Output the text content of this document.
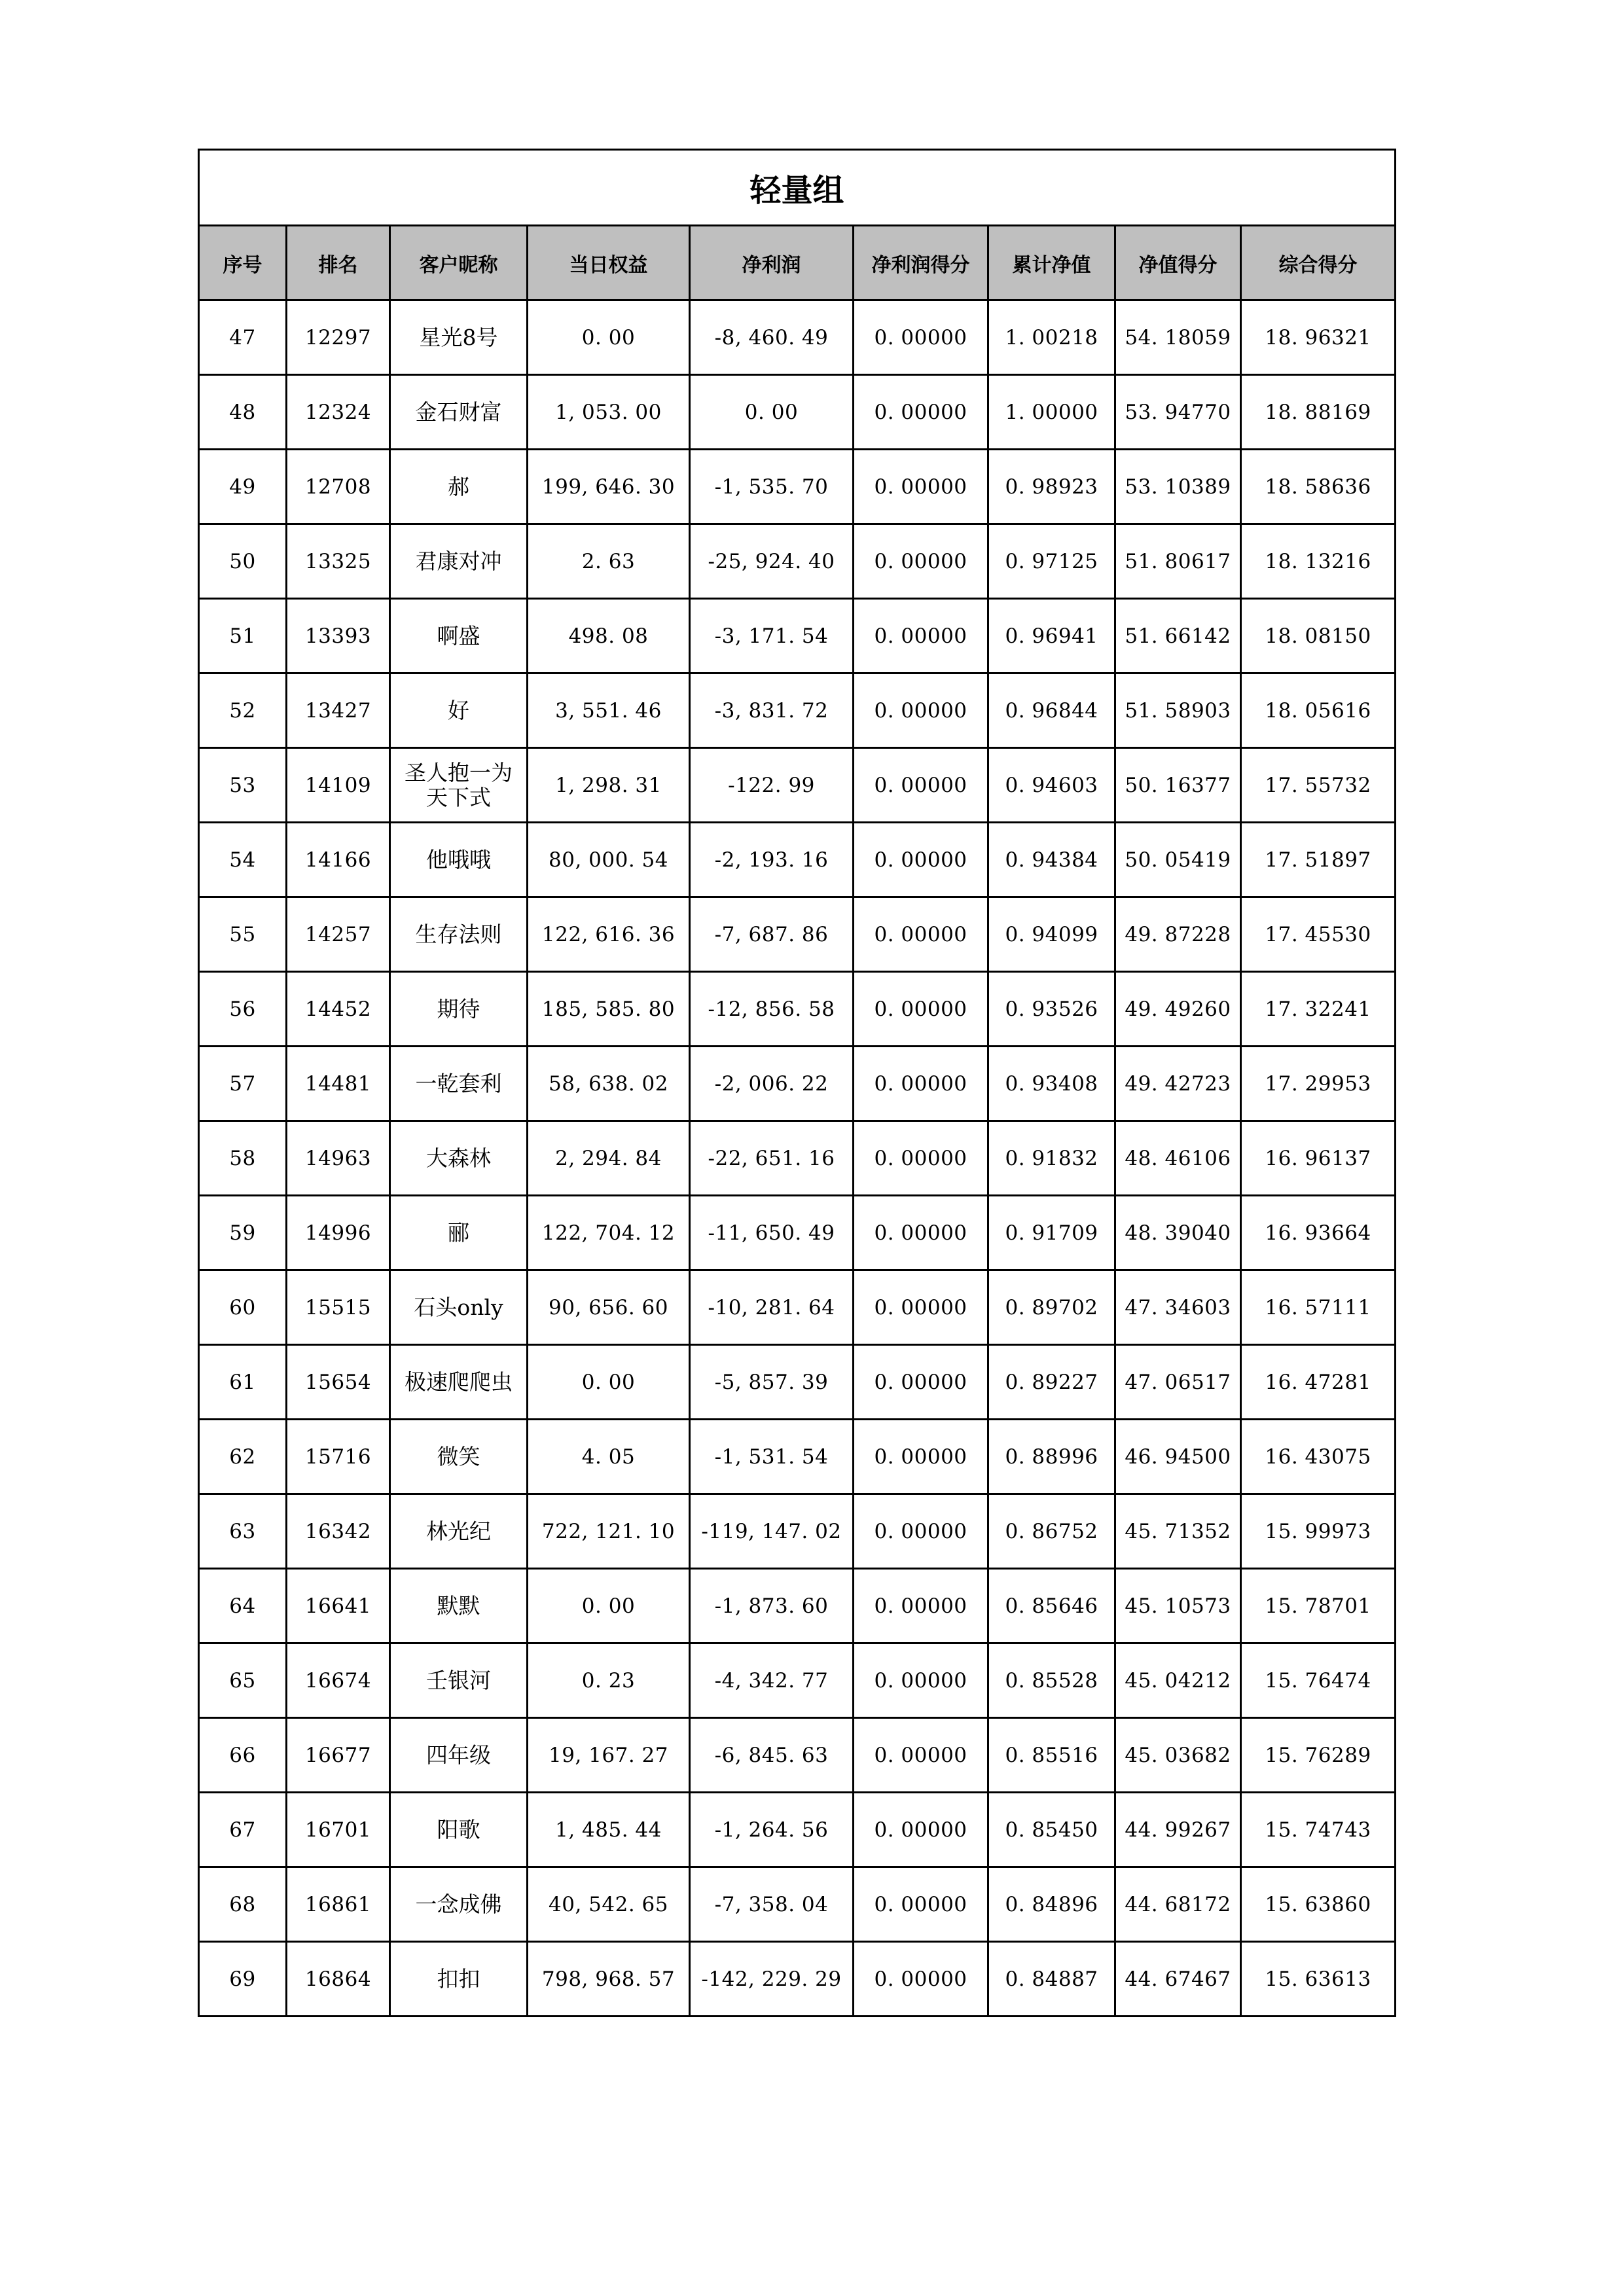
轻量组								
序号	排名	客户昵称	当日权益	净利润	净利润得分	累计净值	净值得分	综合得分
47	12297	星光8号	0. 00	-8, 460. 49	0. 00000	1. 00218	54. 18059	18. 96321
48	12324	金石财富	1, 053. 00	0. 00	0. 00000	1. 00000	53. 94770	18. 88169
49	12708	郝	199, 646. 30	-1, 535. 70	0. 00000	0. 98923	53. 10389	18. 58636
50	13325	君康对冲	2. 63	-25, 924. 40	0. 00000	0. 97125	51. 80617	18. 13216
51	13393	啊盛	498. 08	-3, 171. 54	0. 00000	0. 96941	51. 66142	18. 08150
52	13427	好	3, 551. 46	-3, 831. 72	0. 00000	0. 96844	51. 58903	18. 05616
53	14109	圣人抱一为
天下式	1, 298. 31	-122. 99	0. 00000	0. 94603	50. 16377	17. 55732
54	14166	他哦哦	80, 000. 54	-2, 193. 16	0. 00000	0. 94384	50. 05419	17. 51897
55	14257	生存法则	122, 616. 36	-7, 687. 86	0. 00000	0. 94099	49. 87228	17. 45530
56	14452	期待	185, 585. 80	-12, 856. 58	0. 00000	0. 93526	49. 49260	17. 32241
57	14481	一乾套利	58, 638. 02	-2, 006. 22	0. 00000	0. 93408	49. 42723	17. 29953
58	14963	大森林	2, 294. 84	-22, 651. 16	0. 00000	0. 91832	48. 46106	16. 96137
59	14996	郦	122, 704. 12	-11, 650. 49	0. 00000	0. 91709	48. 39040	16. 93664
60	15515	石头only	90, 656. 60	-10, 281. 64	0. 00000	0. 89702	47. 34603	16. 57111
61	15654	极速爬爬虫	0. 00	-5, 857. 39	0. 00000	0. 89227	47. 06517	16. 47281
62	15716	微笑	4. 05	-1, 531. 54	0. 00000	0. 88996	46. 94500	16. 43075
63	16342	林光纪	722, 121. 10	-119, 147. 02	0. 00000	0. 86752	45. 71352	15. 99973
64	16641	默默	0. 00	-1, 873. 60	0. 00000	0. 85646	45. 10573	15. 78701
65	16674	壬银河	0. 23	-4, 342. 77	0. 00000	0. 85528	45. 04212	15. 76474
66	16677	四年级	19, 167. 27	-6, 845. 63	0. 00000	0. 85516	45. 03682	15. 76289
67	16701	阳歌	1, 485. 44	-1, 264. 56	0. 00000	0. 85450	44. 99267	15. 74743
68	16861	一念成佛	40, 542. 65	-7, 358. 04	0. 00000	0. 84896	44. 68172	15. 63860
69	16864	扣扣	798, 968. 57	-142, 229. 29	0. 00000	0. 84887	44. 67467	15. 63613
